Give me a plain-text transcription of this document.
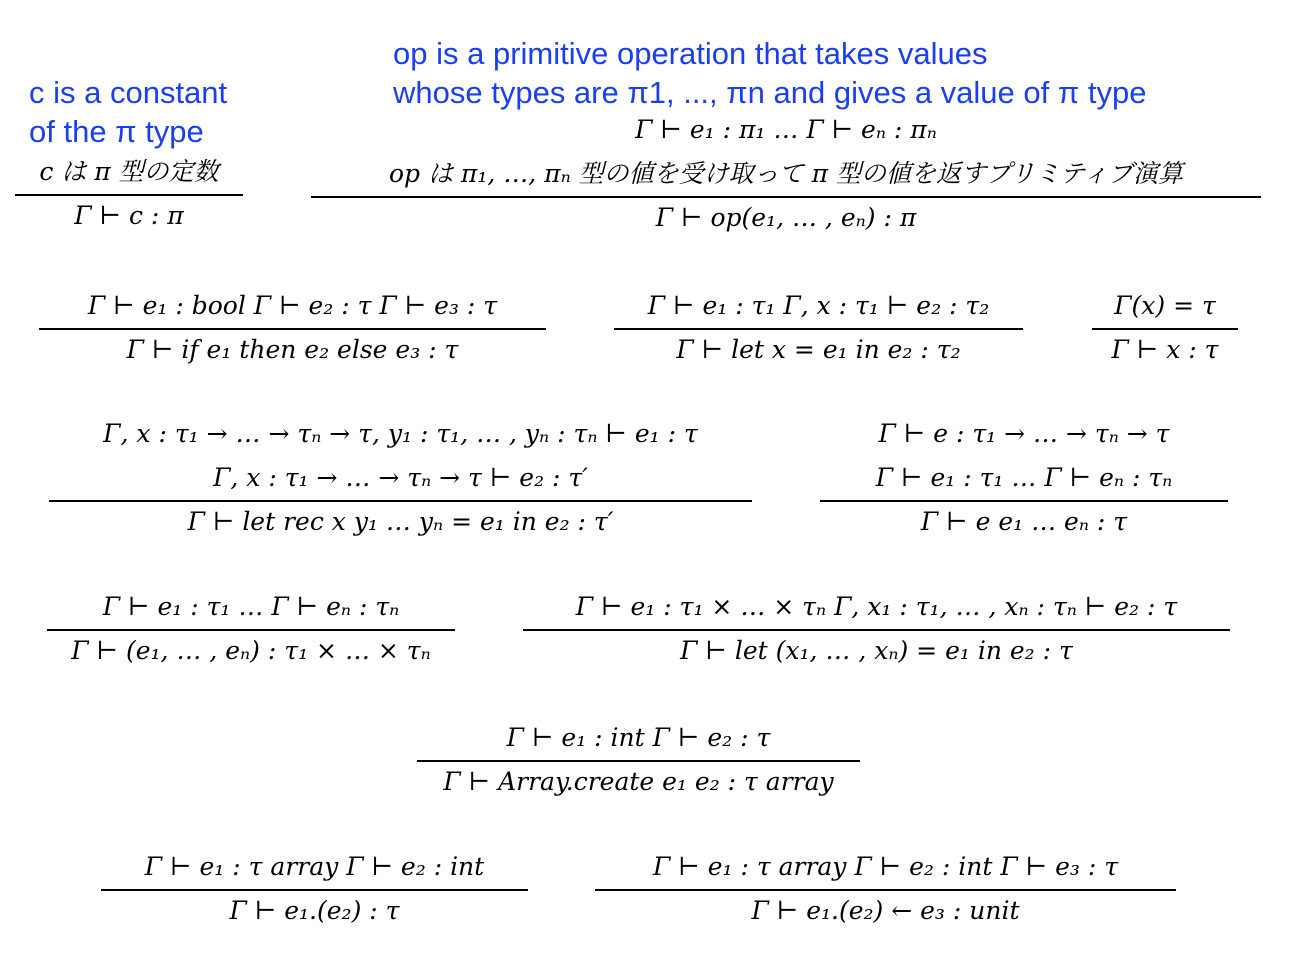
c is a constant
of the π type
op is a primitive operation that takes values
whose types are π1, ..., πn and gives a value of π type
c は π 型の定数
Γ ⊢ c : π
Γ ⊢ e₁ : π₁ … Γ ⊢ eₙ : πₙ
op は π₁, …, πₙ 型の値を受け取って π 型の値を返すプリミティブ演算
Γ ⊢ op(e₁, … , eₙ) : π
Γ ⊢ e₁ : bool Γ ⊢ e₂ : τ Γ ⊢ e₃ : τ
Γ ⊢ if e₁ then e₂ else e₃ : τ
Γ ⊢ e₁ : τ₁ Γ, x : τ₁ ⊢ e₂ : τ₂
Γ ⊢ let x = e₁ in e₂ : τ₂
Γ(x) = τ
Γ ⊢ x : τ
Γ, x : τ₁ → … → τₙ → τ, y₁ : τ₁, … , yₙ : τₙ ⊢ e₁ : τ
Γ, x : τ₁ → … → τₙ → τ ⊢ e₂ : τ′
Γ ⊢ let rec x y₁ … yₙ = e₁ in e₂ : τ′
Γ ⊢ e : τ₁ → … → τₙ → τ
Γ ⊢ e₁ : τ₁ … Γ ⊢ eₙ : τₙ
Γ ⊢ e e₁ … eₙ : τ
Γ ⊢ e₁ : τ₁ … Γ ⊢ eₙ : τₙ
Γ ⊢ (e₁, … , eₙ) : τ₁ × … × τₙ
Γ ⊢ e₁ : τ₁ × … × τₙ Γ, x₁ : τ₁, … , xₙ : τₙ ⊢ e₂ : τ
Γ ⊢ let (x₁, … , xₙ) = e₁ in e₂ : τ
Γ ⊢ e₁ : int Γ ⊢ e₂ : τ
Γ ⊢ Array.create e₁ e₂ : τ array
Γ ⊢ e₁ : τ array Γ ⊢ e₂ : int
Γ ⊢ e₁.(e₂) : τ
Γ ⊢ e₁ : τ array Γ ⊢ e₂ : int Γ ⊢ e₃ : τ
Γ ⊢ e₁.(e₂) ← e₃ : unit
